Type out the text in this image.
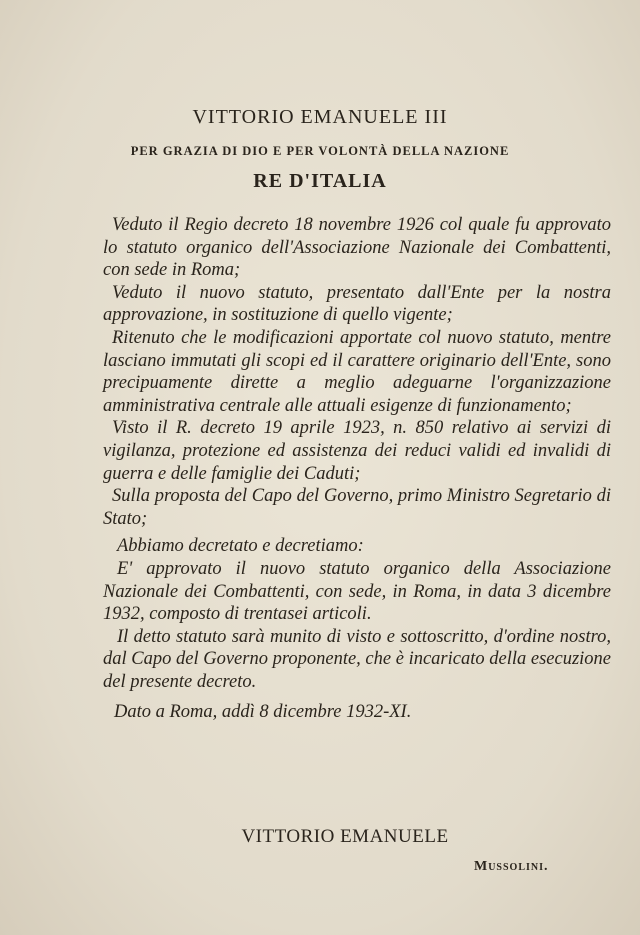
VITTORIO EMANUELE III
PER GRAZIA DI DIO E PER VOLONTÀ DELLA NAZIONE
RE D'ITALIA
Veduto il Regio decreto 18 novembre 1926 col quale fu approvato lo statuto organico dell'Associazione Nazionale dei Combattenti, con sede in Roma;
Veduto il nuovo statuto, presentato dall'Ente per la nostra approvazione, in sostituzione di quello vigente;
Ritenuto che le modificazioni apportate col nuovo statuto, mentre lasciano immutati gli scopi ed il carattere originario dell'Ente, sono precipuamente dirette a meglio adeguarne l'organizzazione amministrativa centrale alle attuali esigenze di funzionamento;
Visto il R. decreto 19 aprile 1923, n. 850 relativo ai servizi di vigilanza, protezione ed assistenza dei reduci validi ed invalidi di guerra e delle famiglie dei Caduti;
Sulla proposta del Capo del Governo, primo Ministro Segretario di Stato;
Abbiamo decretato e decretiamo:
E' approvato il nuovo statuto organico della Associazione Nazionale dei Combattenti, con sede, in Roma, in data 3 dicembre 1932, composto di trentasei articoli.
Il detto statuto sarà munito di visto e sottoscritto, d'ordine nostro, dal Capo del Governo proponente, che è incaricato della esecuzione del presente decreto.
Dato a Roma, addì 8 dicembre 1932-XI.
VITTORIO EMANUELE
Mussolini.
